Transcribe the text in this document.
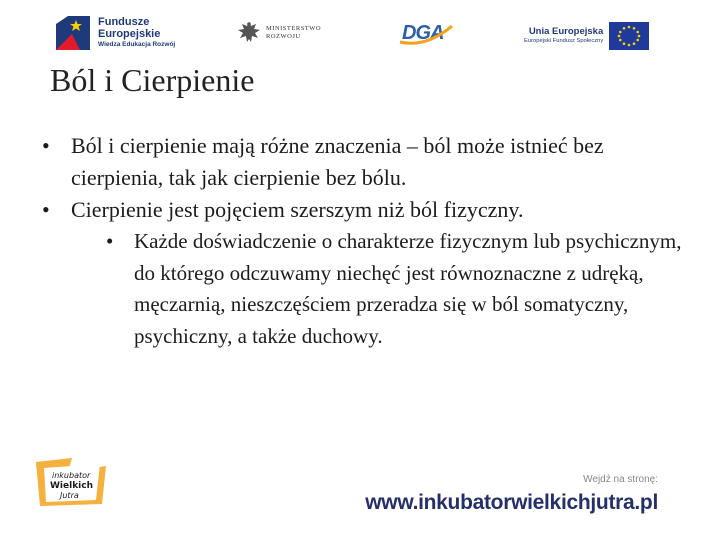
Fundusze
Europejskie
Wiedza Edukacja Rozwój
MINISTERSTWO
ROZWOJU	DGA	Unia Europejska
Europejski Fundusz Społeczny
Ból i Cierpienie
• Ból i cierpienie mają różne znaczenia – ból może istnieć bez cierpienia, tak jak cierpienie bez bólu.
• Cierpienie jest pojęciem szerszym niż ból fizyczny.
• Każde doświadczenie o charakterze fizycznym lub psychicznym, do którego odczuwamy niechęć jest równoznaczne z udręką, męczarnią, nieszczęściem przeradza się w ból somatyczny, psychiczny, a także duchowy.
inkubator
Wielkich
Jutra
Wejdź na stronę:
www.inkubatorwielkichjutra.pl
